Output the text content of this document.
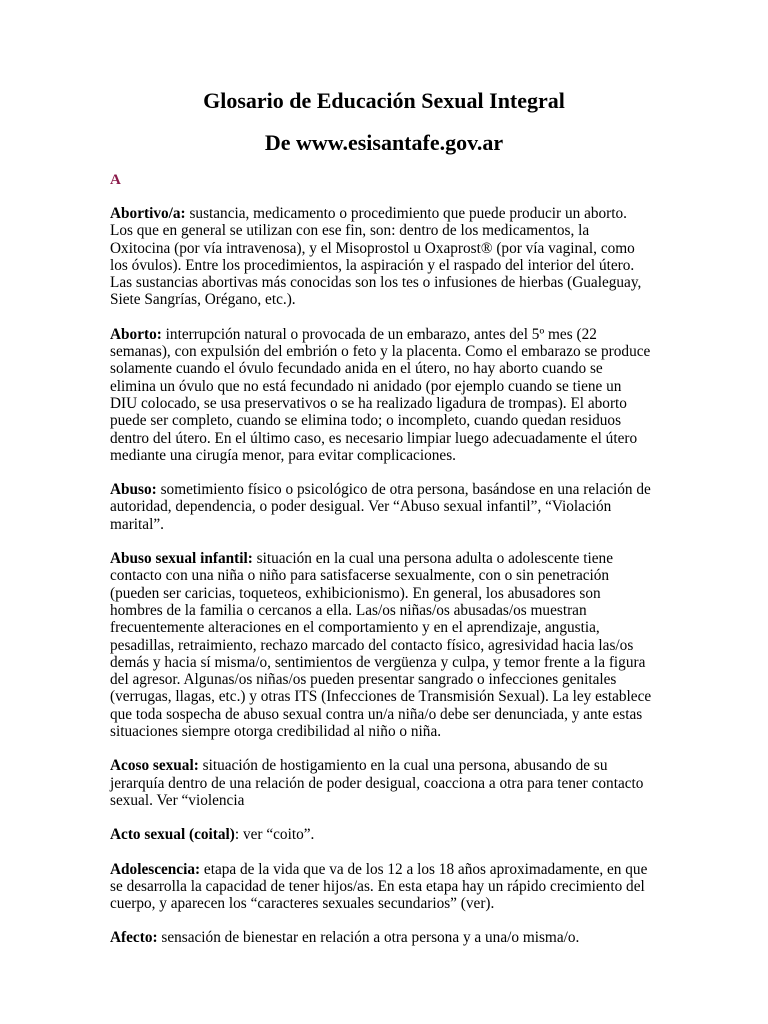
Glosario de Educación Sexual Integral
De www.esisantafe.gov.ar

A

Abortivo/a: sustancia, medicamento o procedimiento que puede producir un aborto.
Los que en general se utilizan con ese fin, son: dentro de los medicamentos, la
Oxitocina (por vía intravenosa), y el Misoprostol u Oxaprost® (por vía vaginal, como
los óvulos). Entre los procedimientos, la aspiración y el raspado del interior del útero.
Las sustancias abortivas más conocidas son los tes o infusiones de hierbas (Gualeguay,
Siete Sangrías, Orégano, etc.).

Aborto: interrupción natural o provocada de un embarazo, antes del 5º mes (22
semanas), con expulsión del embrión o feto y la placenta. Como el embarazo se produce
solamente cuando el óvulo fecundado anida en el útero, no hay aborto cuando se
elimina un óvulo que no está fecundado ni anidado (por ejemplo cuando se tiene un
DIU colocado, se usa preservativos o se ha realizado ligadura de trompas). El aborto
puede ser completo, cuando se elimina todo; o incompleto, cuando quedan residuos
dentro del útero. En el último caso, es necesario limpiar luego adecuadamente el útero
mediante una cirugía menor, para evitar complicaciones.

Abuso: sometimiento físico o psicológico de otra persona, basándose en una relación de
autoridad, dependencia, o poder desigual. Ver “Abuso sexual infantil”, “Violación
marital”.

Abuso sexual infantil: situación en la cual una persona adulta o adolescente tiene
contacto con una niña o niño para satisfacerse sexualmente, con o sin penetración
(pueden ser caricias, toqueteos, exhibicionismo). En general, los abusadores son
hombres de la familia o cercanos a ella. Las/os niñas/os abusadas/os muestran
frecuentemente alteraciones en el comportamiento y en el aprendizaje, angustia,
pesadillas, retraimiento, rechazo marcado del contacto físico, agresividad hacia las/os
demás y hacia sí misma/o, sentimientos de vergüenza y culpa, y temor frente a la figura
del agresor. Algunas/os niñas/os pueden presentar sangrado o infecciones genitales
(verrugas, llagas, etc.) y otras ITS (Infecciones de Transmisión Sexual). La ley establece
que toda sospecha de abuso sexual contra un/a niña/o debe ser denunciada, y ante estas
situaciones siempre otorga credibilidad al niño o niña.

Acoso sexual: situación de hostigamiento en la cual una persona, abusando de su
jerarquía dentro de una relación de poder desigual, coacciona a otra para tener contacto
sexual. Ver “violencia

Acto sexual (coital): ver “coito”.

Adolescencia: etapa de la vida que va de los 12 a los 18 años aproximadamente, en que
se desarrolla la capacidad de tener hijos/as. En esta etapa hay un rápido crecimiento del
cuerpo, y aparecen los “caracteres sexuales secundarios” (ver).

Afecto: sensación de bienestar en relación a otra persona y a una/o misma/o.
